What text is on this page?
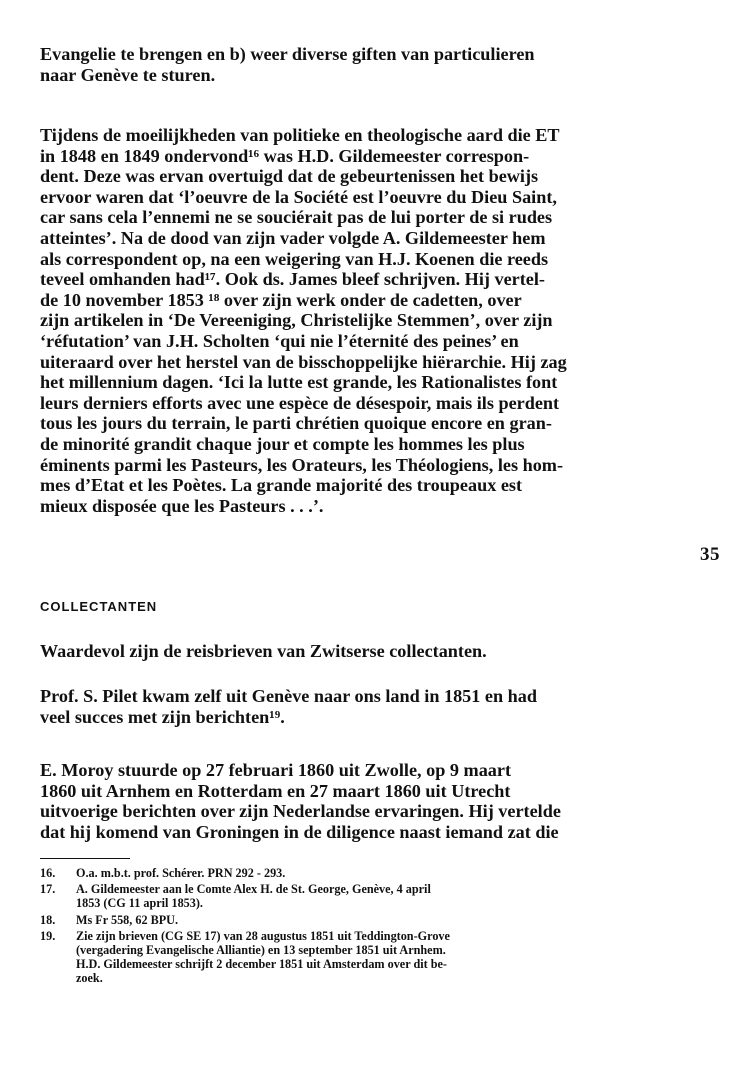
Evangelie te brengen en b) weer diverse giften van particulieren
naar Genève te sturen.

Tijdens de moeilijkheden van politieke en theologische aard die ET
in 1848 en 1849 ondervond¹⁶ was H.D. Gildemeester correspon-
dent. Deze was ervan overtuigd dat de gebeurtenissen het bewijs
ervoor waren dat ‘l’oeuvre de la Société est l’oeuvre du Dieu Saint,
car sans cela l’ennemi ne se souciérait pas de lui porter de si rudes
atteintes’. Na de dood van zijn vader volgde A. Gildemeester hem
als correspondent op, na een weigering van H.J. Koenen die reeds
teveel omhanden had¹⁷. Ook ds. James bleef schrijven. Hij vertel-
de 10 november 1853 ¹⁸ over zijn werk onder de cadetten, over
zijn artikelen in ‘De Vereeniging, Christelijke Stemmen’, over zijn
‘réfutation’ van J.H. Scholten ‘qui nie l’éternité des peines’ en
uiteraard over het herstel van de bisschoppelijke hiërarchie. Hij zag
het millennium dagen. ‘Ici la lutte est grande, les Rationalistes font
leurs derniers efforts avec une espèce de désespoir, mais ils perdent
tous les jours du terrain, le parti chrétien quoique encore en gran-
de minorité grandit chaque jour et compte les hommes les plus
éminents parmi les Pasteurs, les Orateurs, les Théologiens, les hom-
mes d’Etat et les Poètes. La grande majorité des troupeaux est
mieux disposée que les Pasteurs . . .’.

35
COLLECTANTEN

Waardevol zijn de reisbrieven van Zwitserse collectanten.

Prof. S. Pilet kwam zelf uit Genève naar ons land in 1851 en had
veel succes met zijn berichten¹⁹.

E. Moroy stuurde op 27 februari 1860 uit Zwolle, op 9 maart
1860 uit Arnhem en Rotterdam en 27 maart 1860 uit Utrecht
uitvoerige berichten over zijn Nederlandse ervaringen. Hij vertelde
dat hij komend van Groningen in de diligence naast iemand zat die

16.	O.a. m.b.t. prof. Schérer. PRN 292 - 293.
17.	A. Gildemeester aan le Comte Alex H. de St. George, Genève, 4 april
1853 (CG 11 april 1853).
18.	Ms Fr 558, 62 BPU.
19.	Zie zijn brieven (CG SE 17) van 28 augustus 1851 uit Teddington-Grove
(vergadering Evangelische Alliantie) en 13 september 1851 uit Arnhem.
H.D. Gildemeester schrijft 2 december 1851 uit Amsterdam over dit be-
zoek.
